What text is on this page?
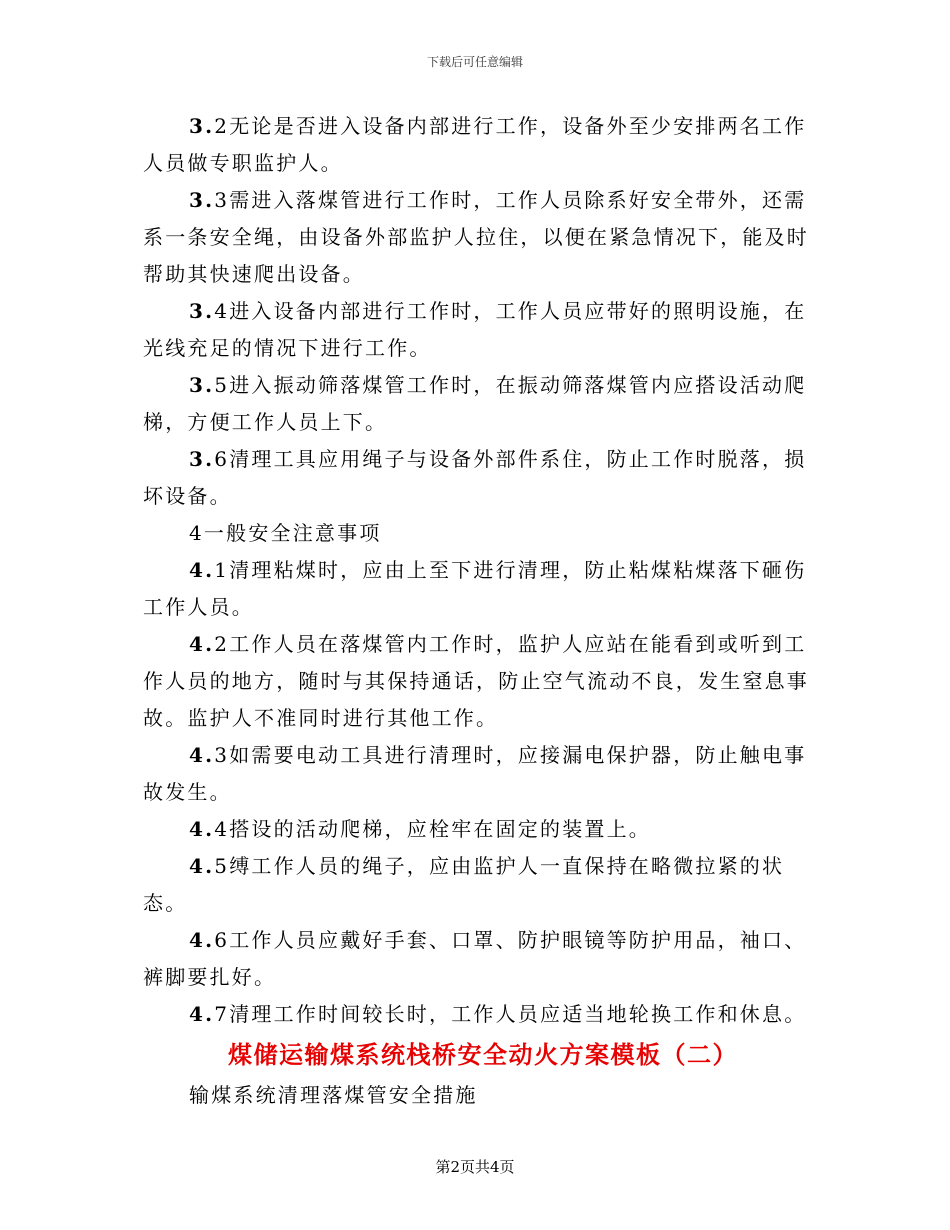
下载后可任意编辑

3.2无论是否进入设备内部进行工作，设备外至少安排两名工作人员做专职监护人。

3.3需进入落煤管进行工作时，工作人员除系好安全带外，还需系一条安全绳，由设备外部监护人拉住，以便在紧急情况下，能及时帮助其快速爬出设备。

3.4进入设备内部进行工作时，工作人员应带好的照明设施，在光线充足的情况下进行工作。

3.5进入振动筛落煤管工作时，在振动筛落煤管内应搭设活动爬梯，方便工作人员上下。

3.6清理工具应用绳子与设备外部件系住，防止工作时脱落，损坏设备。

4一般安全注意事项

4.1清理粘煤时，应由上至下进行清理，防止粘煤粘煤落下砸伤工作人员。

4.2工作人员在落煤管内工作时，监护人应站在能看到或听到工作人员的地方，随时与其保持通话，防止空气流动不良，发生窒息事故。监护人不准同时进行其他工作。

4.3如需要电动工具进行清理时，应接漏电保护器，防止触电事故发生。

4.4搭设的活动爬梯，应栓牢在固定的装置上。

4.5缚工作人员的绳子，应由监护人一直保持在略微拉紧的状态。

4.6工作人员应戴好手套、口罩、防护眼镜等防护用品，袖口、裤脚要扎好。

4.7清理工作时间较长时，工作人员应适当地轮换工作和休息。

煤储运输煤系统栈桥安全动火方案模板（二）

输煤系统清理落煤管安全措施

第2页共4页
